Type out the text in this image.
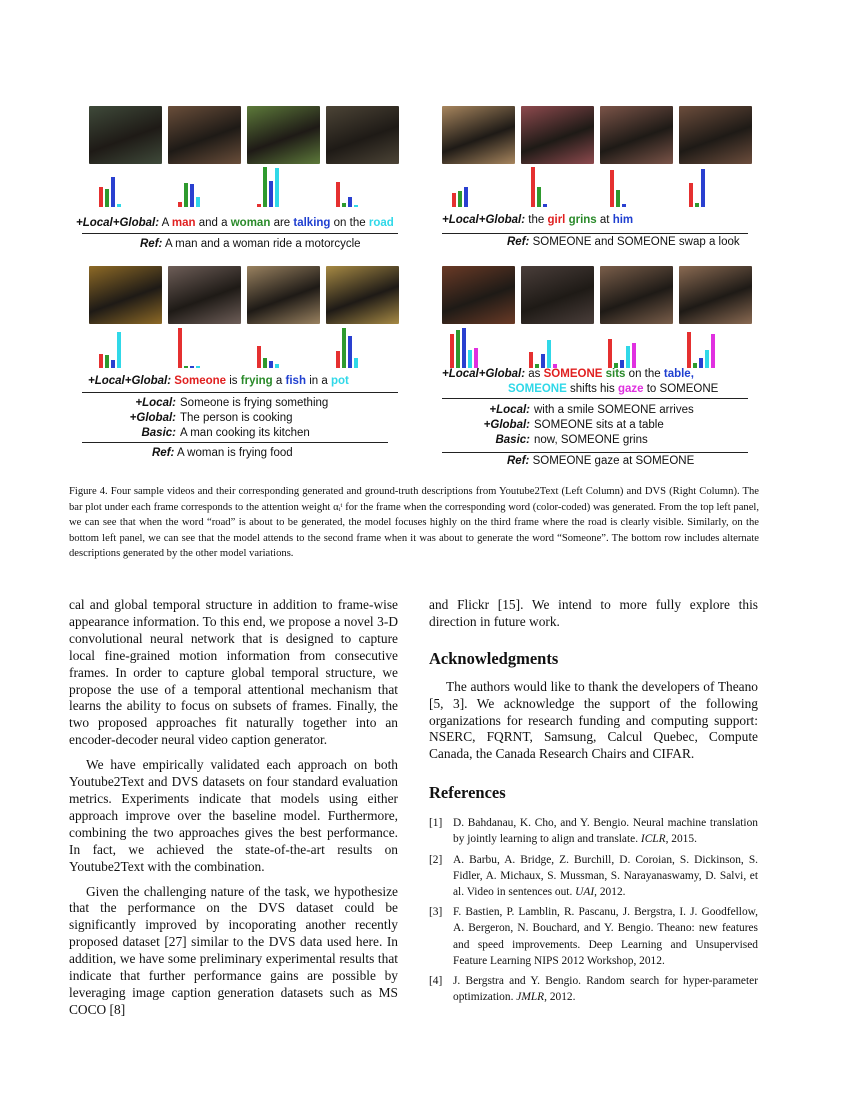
+Local+Global: A man and a woman are talking on the road
Ref: A man and a woman ride a motorcycle
+Local+Global: the girl grins at him
Ref: SOMEONE and SOMEONE swap a look
+Local+Global: Someone is frying a fish in a pot
+Local: Someone is frying something
+Global: The person is cooking
Basic: A man cooking its kitchen
Ref: A woman is frying food
+Local+Global: as SOMEONE sits on the table,
SOMEONE shifts his gaze to SOMEONE
+Local: with a smile SOMEONE arrives
+Global: SOMEONE sits at a table
Basic: now, SOMEONE grins
Ref: SOMEONE gaze at SOMEONE
Figure 4. Four sample videos and their corresponding generated and ground-truth descriptions from Youtube2Text (Left Column) and DVS (Right Column). The bar plot under each frame corresponds to the attention weight αᵢᵗ for the frame when the corresponding word (color-coded) was generated. From the top left panel, we can see that when the word “road” is about to be generated, the model focuses highly on the third frame where the road is clearly visible. Similarly, on the bottom left panel, we can see that the model attends to the second frame when it was about to generate the word “Someone”. The bottom row includes alternate descriptions generated by the other model variations.

cal and global temporal structure in addition to frame-wise appearance information. To this end, we propose a novel 3-D convolutional neural network that is designed to capture local fine-grained motion information from consecutive frames. In order to capture global temporal structure, we propose the use of a temporal attentional mechanism that learns the ability to focus on subsets of frames. Finally, the two proposed approaches fit naturally together into an encoder-decoder neural video caption generator.

We have empirically validated each approach on both Youtube2Text and DVS datasets on four standard evaluation metrics. Experiments indicate that models using either approach improve over the baseline model. Furthermore, combining the two approaches gives the best performance. In fact, we achieved the state-of-the-art results on Youtube2Text with the combination.

Given the challenging nature of the task, we hypothesize that the performance on the DVS dataset could be significantly improved by incoporating another recently proposed dataset [27] similar to the DVS data used here. In addition, we have some preliminary experimental results that indicate that further performance gains are possible by leveraging image caption generation datasets such as MS COCO [8]

and Flickr [15]. We intend to more fully explore this direction in future work.

Acknowledgments

The authors would like to thank the developers of Theano [5, 3]. We acknowledge the support of the following organizations for research funding and computing support: NSERC, FQRNT, Samsung, Calcul Quebec, Compute Canada, the Canada Research Chairs and CIFAR.

References
[1] D. Bahdanau, K. Cho, and Y. Bengio. Neural machine translation by jointly learning to align and translate. ICLR, 2015.
[2] A. Barbu, A. Bridge, Z. Burchill, D. Coroian, S. Dickinson, S. Fidler, A. Michaux, S. Mussman, S. Narayanaswamy, D. Salvi, et al. Video in sentences out. UAI, 2012.
[3] F. Bastien, P. Lamblin, R. Pascanu, J. Bergstra, I. J. Goodfellow, A. Bergeron, N. Bouchard, and Y. Bengio. Theano: new features and speed improvements. Deep Learning and Unsupervised Feature Learning NIPS 2012 Workshop, 2012.
[4] J. Bergstra and Y. Bengio. Random search for hyper-parameter optimization. JMLR, 2012.
